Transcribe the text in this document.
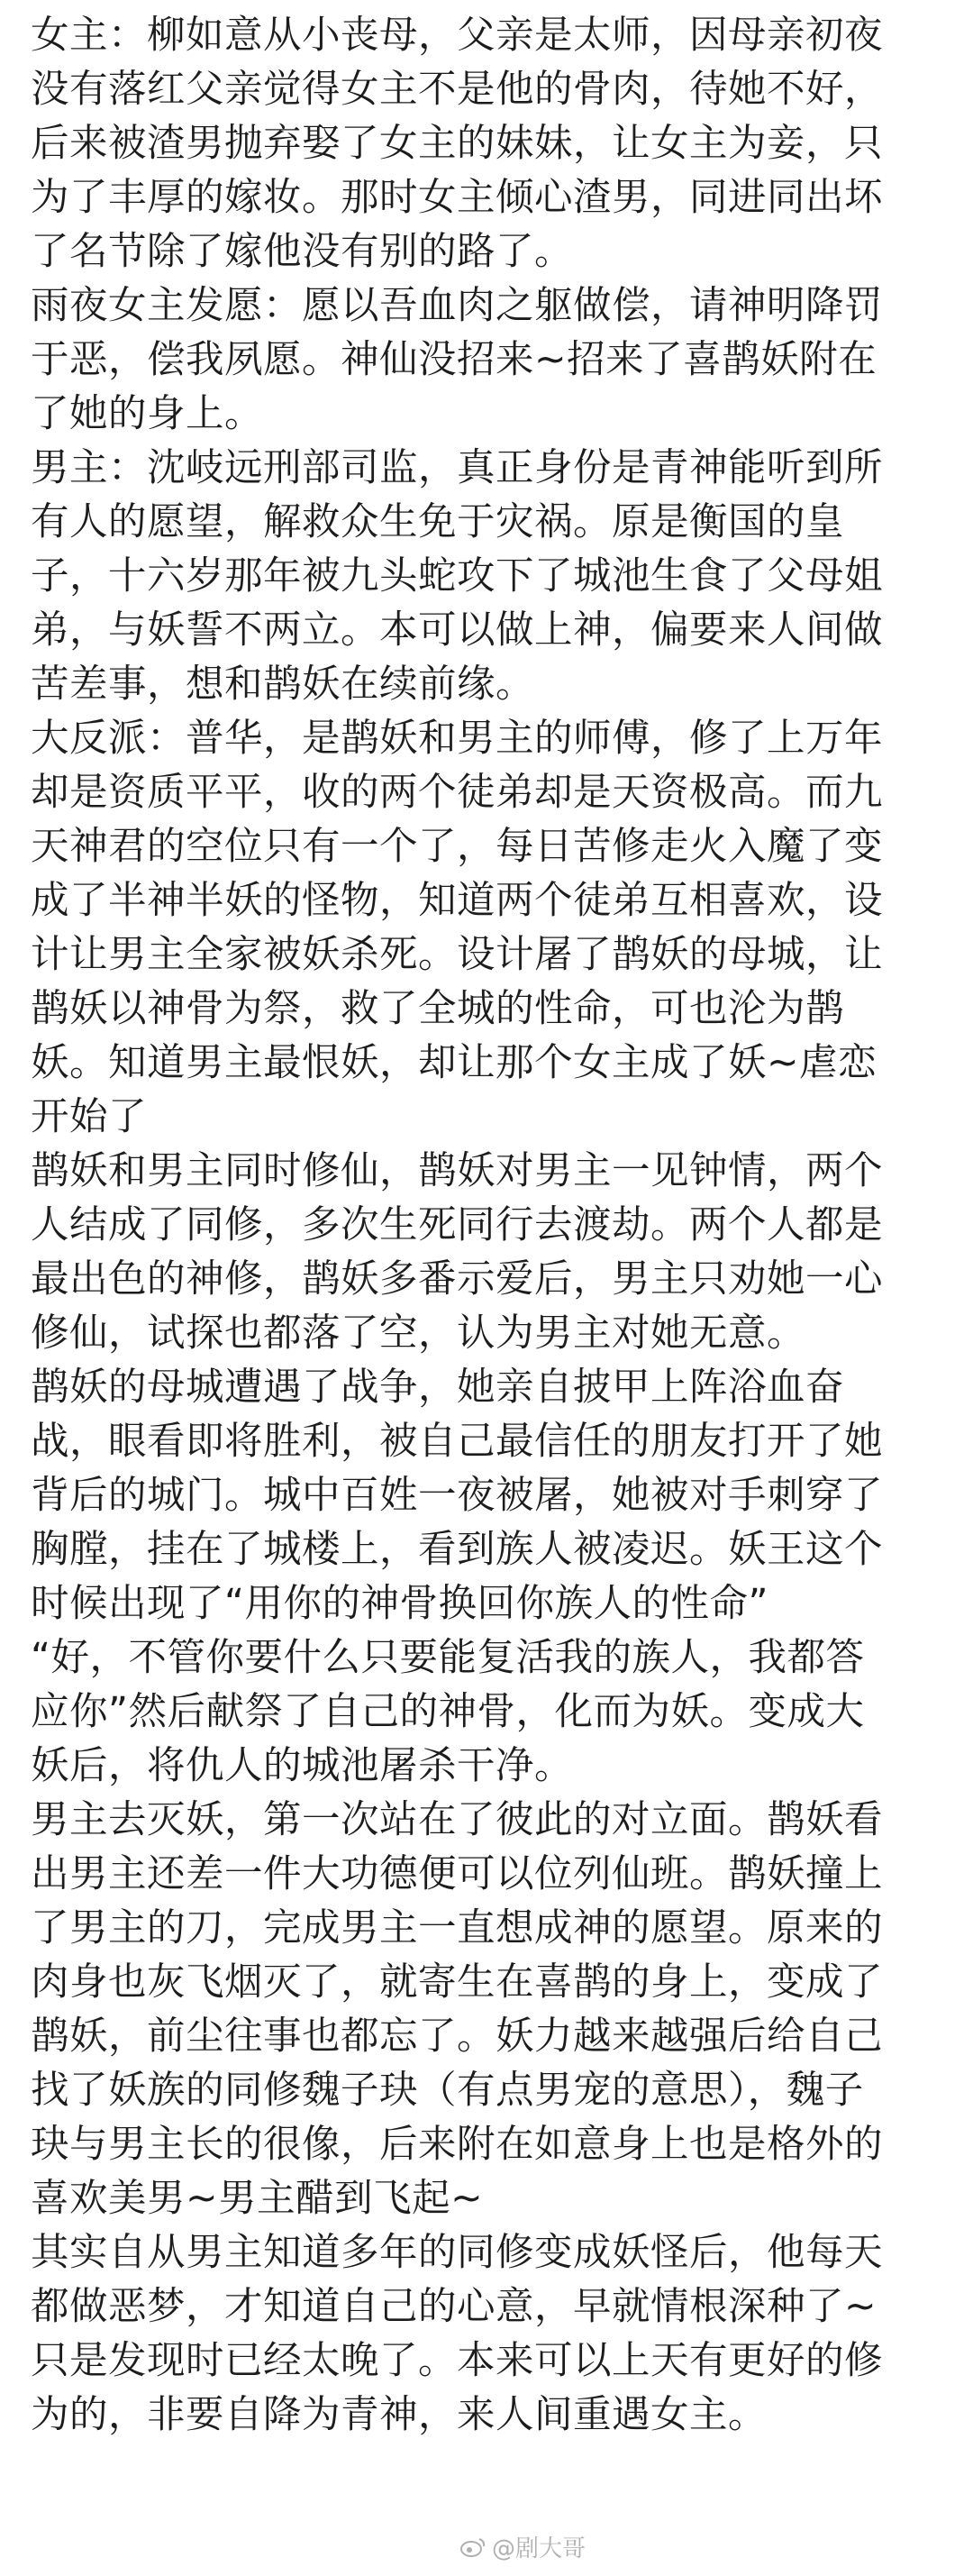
女主：柳如意从小丧母，父亲是太师，因母亲初夜
没有落红父亲觉得女主不是他的骨肉，待她不好，
后来被渣男抛弃娶了女主的妹妹，让女主为妾，只
为了丰厚的嫁妆。那时女主倾心渣男，同进同出坏
了名节除了嫁他没有别的路了。
雨夜女主发愿：愿以吾血肉之躯做偿，请神明降罚
于恶，偿我夙愿。神仙没招来~招来了喜鹊妖附在
了她的身上。
男主：沈岐远刑部司监，真正身份是青神能听到所
有人的愿望，解救众生免于灾祸。原是衡国的皇
子，十六岁那年被九头蛇攻下了城池生食了父母姐
弟，与妖誓不两立。本可以做上神，偏要来人间做
苦差事，想和鹊妖在续前缘。
大反派：普华，是鹊妖和男主的师傅，修了上万年
却是资质平平，收的两个徒弟却是天资极高。而九
天神君的空位只有一个了，每日苦修走火入魔了变
成了半神半妖的怪物，知道两个徒弟互相喜欢，设
计让男主全家被妖杀死。设计屠了鹊妖的母城，让
鹊妖以神骨为祭，救了全城的性命，可也沦为鹊
妖。知道男主最恨妖，却让那个女主成了妖~虐恋
开始了
鹊妖和男主同时修仙，鹊妖对男主一见钟情，两个
人结成了同修，多次生死同行去渡劫。两个人都是
最出色的神修，鹊妖多番示爱后，男主只劝她一心
修仙，试探也都落了空，认为男主对她无意。
鹊妖的母城遭遇了战争，她亲自披甲上阵浴血奋
战，眼看即将胜利，被自己最信任的朋友打开了她
背后的城门。城中百姓一夜被屠，她被对手刺穿了
胸膛，挂在了城楼上，看到族人被凌迟。妖王这个
时候出现了“用你的神骨换回你族人的性命”
“好，不管你要什么只要能复活我的族人，我都答
应你”然后献祭了自己的神骨，化而为妖。变成大
妖后，将仇人的城池屠杀干净。
男主去灭妖，第一次站在了彼此的对立面。鹊妖看
出男主还差一件大功德便可以位列仙班。鹊妖撞上
了男主的刀，完成男主一直想成神的愿望。原来的
肉身也灰飞烟灭了，就寄生在喜鹊的身上，变成了
鹊妖，前尘往事也都忘了。妖力越来越强后给自己
找了妖族的同修魏子玦（有点男宠的意思），魏子
玦与男主长的很像，后来附在如意身上也是格外的
喜欢美男~男主醋到飞起~
其实自从男主知道多年的同修变成妖怪后，他每天
都做恶梦，才知道自己的心意，早就情根深种了~
只是发现时已经太晚了。本来可以上天有更好的修
为的，非要自降为青神，来人间重遇女主。
@剧大哥
